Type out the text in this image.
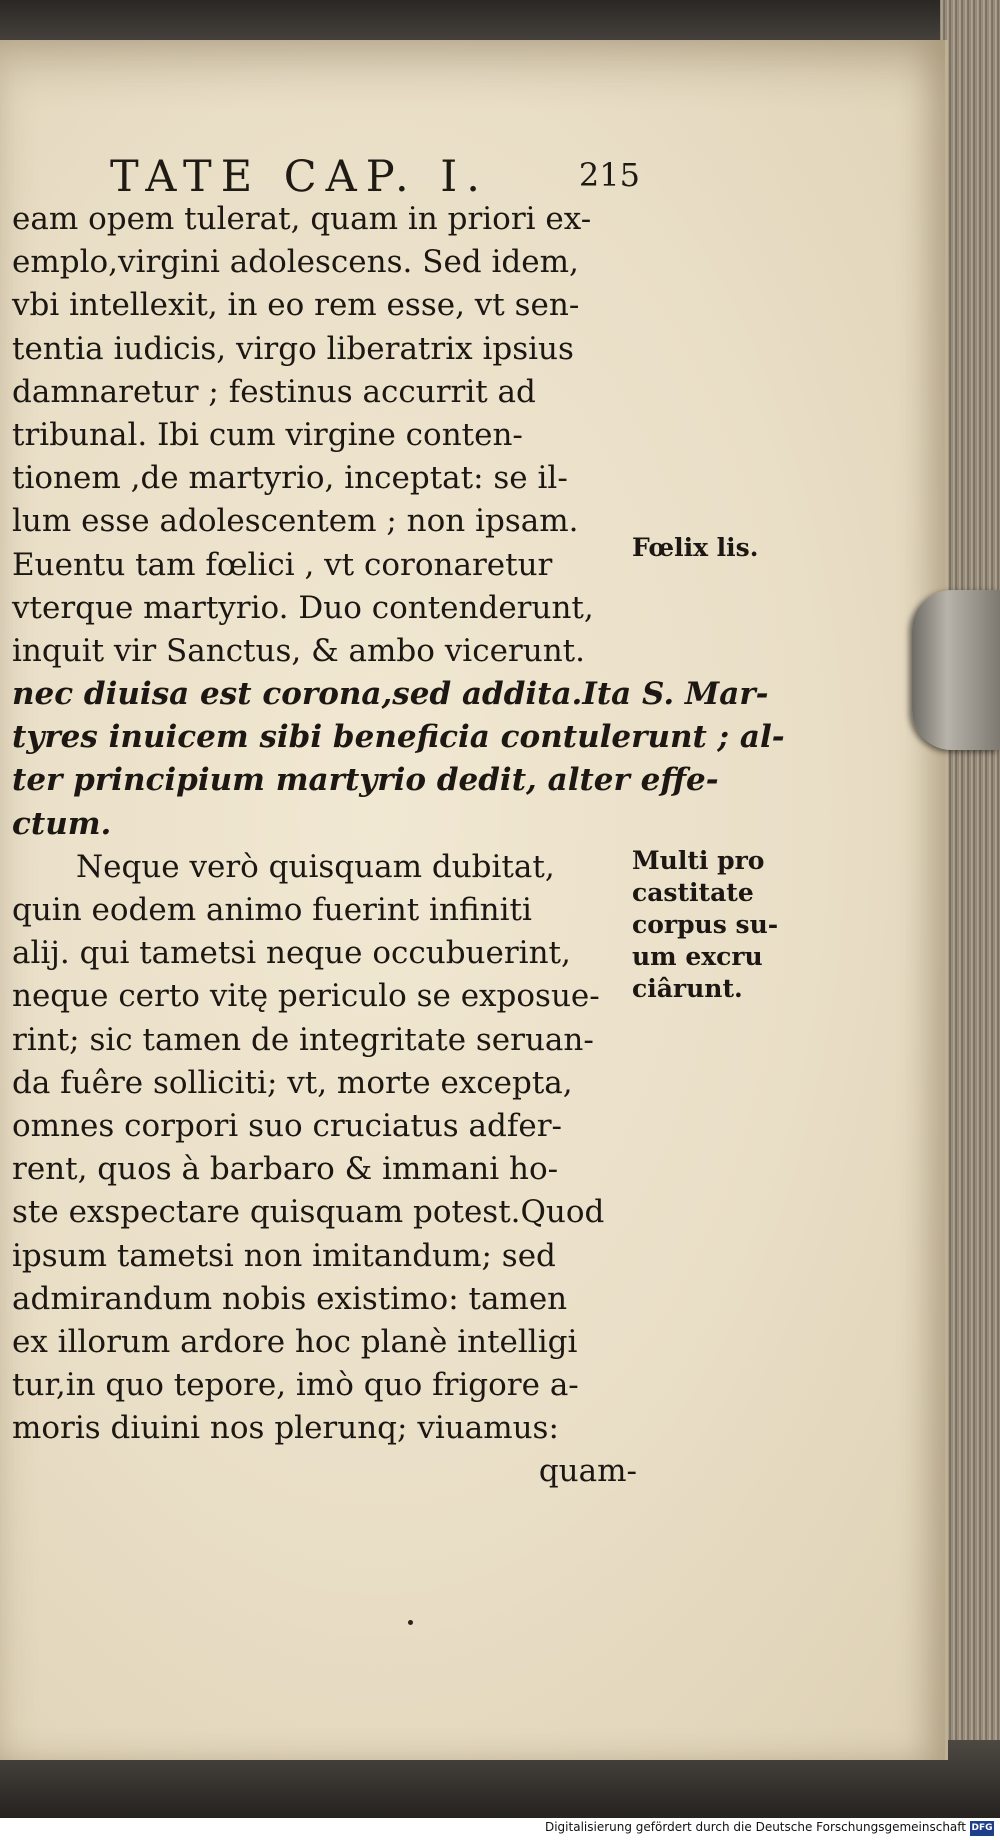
TATE CAP. I.	215
eam opem tulerat, quam in priori ex-
emplo,virgini adolescens. Sed idem,
vbi intellexit, in eo rem esse, vt sen-
tentia iudicis, virgo liberatrix ipsius
damnaretur ; festinus accurrit ad
tribunal. Ibi cum virgine conten-
tionem ,de martyrio, inceptat: se il-
lum esse adolescentem ; non ipsam.
Euentu tam fœlici , vt coronaretur
vterque martyrio. Duo contenderunt,
inquit vir Sanctus, & ambo vicerunt.
nec diuisa est corona,sed addita.Ita S. Mar-
tyres inuicem sibi beneficia contulerunt ; al-
ter principium martyrio dedit, alter effe-
ctum.
Neque verò quisquam dubitat,
quin eodem animo fuerint infiniti
alij. qui tametsi neque occubuerint,
neque certo vitę periculo se exposue-
rint; sic tamen de integritate seruan-
da fuêre solliciti; vt, morte excepta,
omnes corpori suo cruciatus adfer-
rent, quos à barbaro & immani ho-
ste exspectare quisquam potest.Quod
ipsum tametsi non imitandum; sed
admirandum nobis existimo: tamen
ex illorum ardore hoc planè intelligi
tur,in quo tepore, imò quo frigore a-
moris diuini nos plerunq; viuamus:
quam-
Fœlix lis.
Multi pro
castitate
corpus su-
um excru
ciârunt.
Digitalisierung gefördert durch die Deutsche Forschungsgemeinschaft DFG
